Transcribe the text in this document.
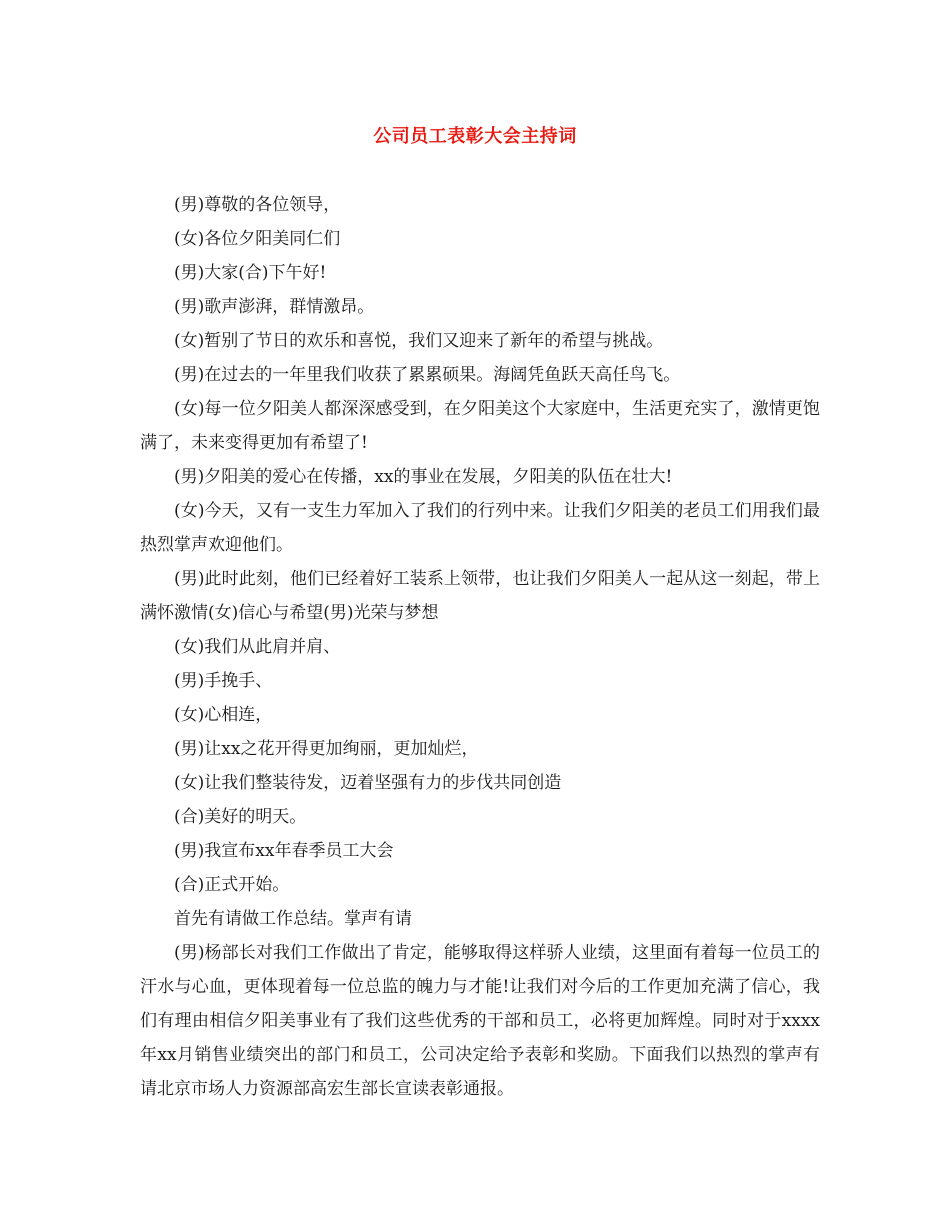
公司员工表彰大会主持词

(男)尊敬的各位领导，

(女)各位夕阳美同仁们

(男)大家(合)下午好!

(男)歌声澎湃，群情激昂。

(女)暂别了节日的欢乐和喜悦，我们又迎来了新年的希望与挑战。

(男)在过去的一年里我们收获了累累硕果。海阔凭鱼跃天高任鸟飞。

(女)每一位夕阳美人都深深感受到，在夕阳美这个大家庭中，生活更充实了，激情更饱满了，未来变得更加有希望了!

(男)夕阳美的爱心在传播，xx的事业在发展，夕阳美的队伍在壮大!

(女)今天，又有一支生力军加入了我们的行列中来。让我们夕阳美的老员工们用我们最热烈掌声欢迎他们。

(男)此时此刻，他们已经着好工装系上领带，也让我们夕阳美人一起从这一刻起，带上满怀激情(女)信心与希望(男)光荣与梦想

(女)我们从此肩并肩、

(男)手挽手、

(女)心相连，

(男)让xx之花开得更加绚丽，更加灿烂，

(女)让我们整装待发，迈着坚强有力的步伐共同创造

(合)美好的明天。

(男)我宣布xx年春季员工大会

(合)正式开始。

首先有请做工作总结。掌声有请

(男)杨部长对我们工作做出了肯定，能够取得这样骄人业绩，这里面有着每一位员工的汗水与心血，更体现着每一位总监的魄力与才能!让我们对今后的工作更加充满了信心，我们有理由相信夕阳美事业有了我们这些优秀的干部和员工，必将更加辉煌。同时对于xxxx年xx月销售业绩突出的部门和员工，公司决定给予表彰和奖励。下面我们以热烈的掌声有请北京市场人力资源部高宏生部长宣读表彰通报。
